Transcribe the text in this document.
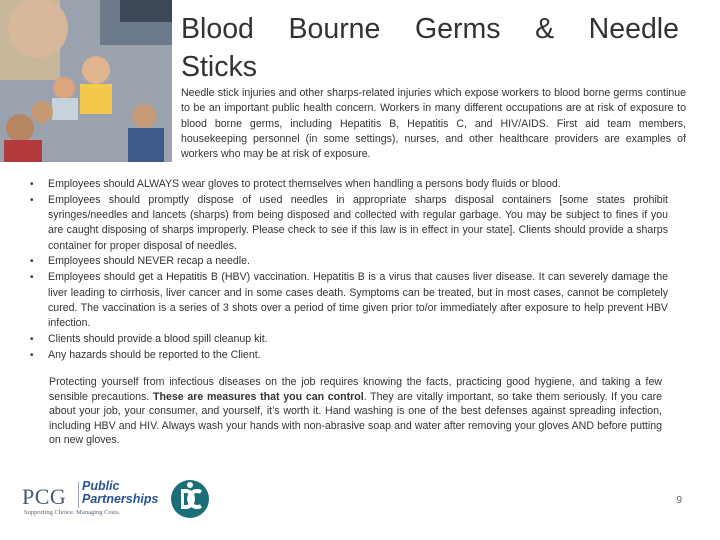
Blood Bourne Germs & Needle

Sticks
Needle stick injuries and other sharps-related injuries which expose workers to blood borne germs continue to be an important public health concern. Workers in many different occupations are at risk of exposure to blood borne germs, including Hepatitis B, Hepatitis C, and HIV/AIDS. First aid team members, housekeeping personnel (in some settings), nurses, and other healthcare providers are examples of workers who may be at risk of exposure.
• Employees should ALWAYS wear gloves to protect themselves when handling a persons body fluids or blood.
• Employees should promptly dispose of used needles in appropriate sharps disposal containers [some states prohibit syringes/needles and lancets (sharps) from being disposed and collected with regular garbage. You may be subject to fines if you are caught disposing of sharps improperly. Please check to see if this law is in effect in your state]. Clients should provide a sharps container for proper disposal of needles.
• Employees should NEVER recap a needle.
• Employees should get a Hepatitis B (HBV) vaccination. Hepatitis B is a virus that causes liver disease. It can severely damage the liver leading to cirrhosis, liver cancer and in some cases death. Symptoms can be treated, but in most cases, cannot be completely cured. The vaccination is a series of 3 shots over a period of time given prior to/or immediately after exposure to help prevent HBV infection.
• Clients should provide a blood spill cleanup kit.
• Any hazards should be reported to the Client.
Protecting yourself from infectious diseases on the job requires knowing the facts, practicing good hygiene, and taking a few sensible precautions. These are measures that you can control. They are vitally important, so take them seriously. If you care about your job, your consumer, and yourself, it’s worth it. Hand washing is one of the best defenses against spreading infection, including HBV and HIV. Always wash your hands with non-abrasive soap and water after removing your gloves AND before putting on new gloves.
PCG Public
Partnerships
Supporting Choice. Managing Costs.
9
